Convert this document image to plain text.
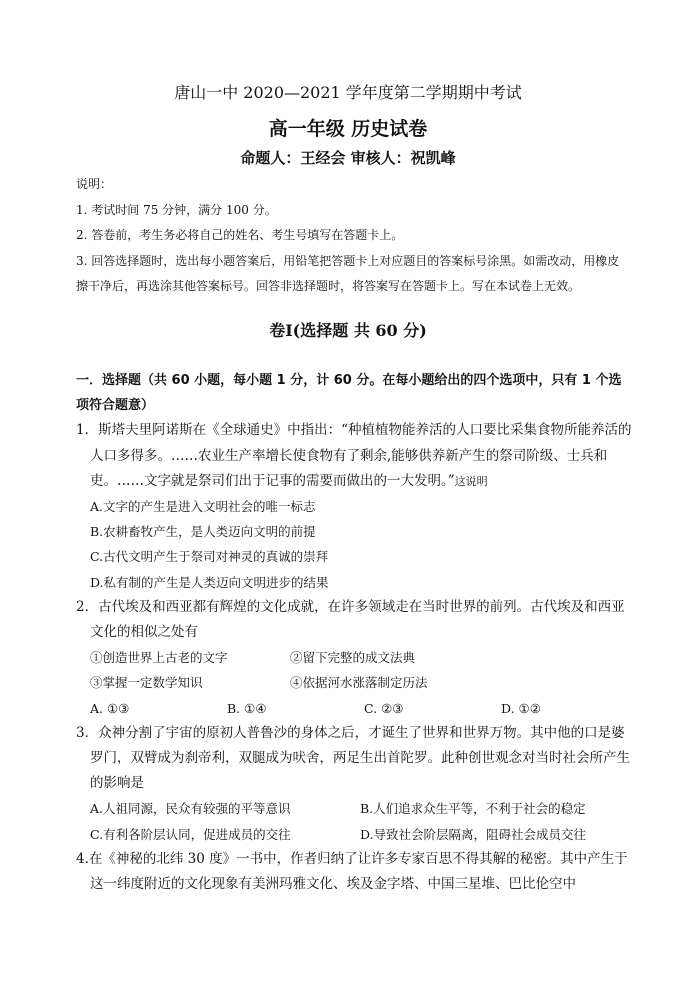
唐山一中 2020—2021 学年度第二学期期中考试
高一年级 历史试卷
命题人：王经会 审核人：祝凯峰

说明：

1. 考试时间 75 分钟，满分 100 分。

2. 答卷前，考生务必将自己的姓名、考生号填写在答题卡上。

3. 回答选择题时，选出每小题答案后，用铅笔把答题卡上对应题目的答案标号涂黑。如需改动，用橡皮擦干净后，再选涂其他答案标号。回答非选择题时，将答案写在答题卡上。写在本试卷上无效。

卷Ⅰ(选择题 共 60 分)

一．选择题（共 60 小题，每小题 1 分，计 60 分。在每小题给出的四个选项中，只有 1 个选项符合题意）

1．斯塔夫里阿诺斯在《全球通史》中指出：“种植植物能养活的人口要比采集食物所能养活的人口多得多。……农业生产率增长使食物有了剩余,能够供养新产生的祭司阶级、士兵和吏。……文字就是祭司们出于记事的需要而做出的一大发明。”这说明

A.文字的产生是进入文明社会的唯一标志

B.农耕畜牧产生，是人类迈向文明的前提

C.古代文明产生于祭司对神灵的真诚的崇拜

D.私有制的产生是人类迈向文明进步的结果

2．古代埃及和西亚都有辉煌的文化成就，在许多领域走在当时世界的前列。古代埃及和西亚文化的相似之处有

①创造世界上古老的文字	②留下完整的成文法典
③掌握一定数学知识	④依据河水涨落制定历法
A. ①③	B. ①④	C. ②③	D. ①②

3．众神分割了宇宙的原初人普鲁沙的身体之后，才诞生了世界和世界万物。其中他的口是婆罗门，双臂成为刹帝利，双腿成为吠舍，两足生出首陀罗。此种创世观念对当时社会所产生的影响是

A.人祖同源，民众有较强的平等意识	B.人们追求众生平等，不利于社会的稳定
C.有利各阶层认同，促进成员的交往	D.导致社会阶层隔离，阻碍社会成员交往

4.在《神秘的北纬 30 度》一书中，作者归纳了让许多专家百思不得其解的秘密。其中产生于这一纬度附近的文化现象有美洲玛雅文化、埃及金字塔、中国三星堆、巴比伦空中
